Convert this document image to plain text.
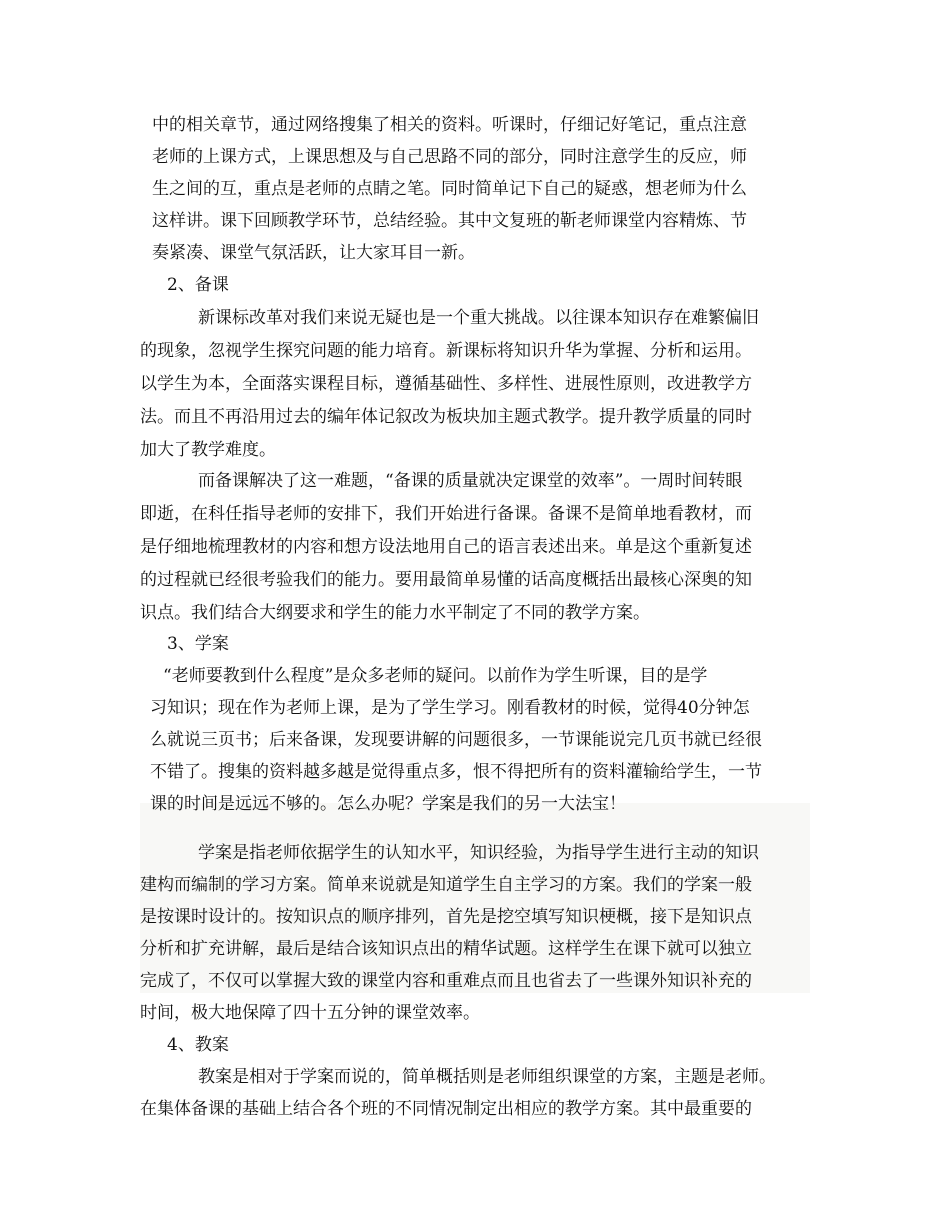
中的相关章节，通过网络搜集了相关的资料。听课时，仔细记好笔记，重点注意
老师的上课方式，上课思想及与自己思路不同的部分，同时注意学生的反应，师
生之间的互，重点是老师的点睛之笔。同时简单记下自己的疑惑，想老师为什么
这样讲。课下回顾教学环节，总结经验。其中文复班的靳老师课堂内容精炼、节
奏紧凑、课堂气氛活跃，让大家耳目一新。
2、备课
新课标改革对我们来说无疑也是一个重大挑战。以往课本知识存在难繁偏旧
的现象，忽视学生探究问题的能力培育。新课标将知识升华为掌握、分析和运用。
以学生为本，全面落实课程目标，遵循基础性、多样性、进展性原则，改进教学方
法。而且不再沿用过去的编年体记叙改为板块加主题式教学。提升教学质量的同时
加大了教学难度。
而备课解决了这一难题，“备课的质量就决定课堂的效率”。一周时间转眼
即逝，在科任指导老师的安排下，我们开始进行备课。备课不是简单地看教材，而
是仔细地梳理教材的内容和想方设法地用自己的语言表述出来。单是这个重新复述
的过程就已经很考验我们的能力。要用最简单易懂的话高度概括出最核心深奥的知
识点。我们结合大纲要求和学生的能力水平制定了不同的教学方案。
3、学案
“老师要教到什么程度”是众多老师的疑问。以前作为学生听课，目的是学
习知识；现在作为老师上课，是为了学生学习。刚看教材的时候，觉得40分钟怎
么就说三页书；后来备课，发现要讲解的问题很多，一节课能说完几页书就已经很
不错了。搜集的资料越多越是觉得重点多，恨不得把所有的资料灌输给学生，一节
课的时间是远远不够的。怎么办呢？学案是我们的另一大法宝！
学案是指老师依据学生的认知水平，知识经验，为指导学生进行主动的知识
建构而编制的学习方案。简单来说就是知道学生自主学习的方案。我们的学案一般
是按课时设计的。按知识点的顺序排列，首先是挖空填写知识梗概，接下是知识点
分析和扩充讲解，最后是结合该知识点出的精华试题。这样学生在课下就可以独立
完成了，不仅可以掌握大致的课堂内容和重难点而且也省去了一些课外知识补充的
时间，极大地保障了四十五分钟的课堂效率。
4、教案
教案是相对于学案而说的，简单概括则是老师组织课堂的方案，主题是老师。
在集体备课的基础上结合各个班的不同情况制定出相应的教学方案。其中最重要的
